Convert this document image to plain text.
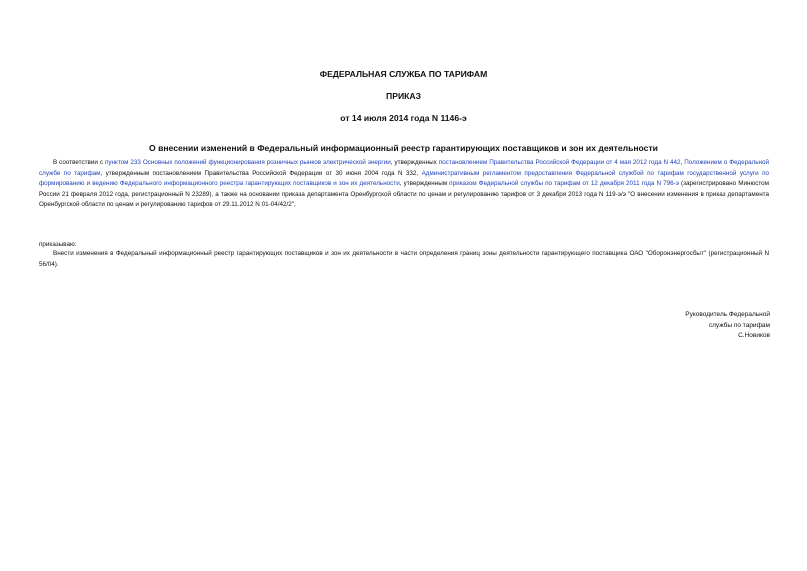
ФЕДЕРАЛЬНАЯ СЛУЖБА ПО ТАРИФАМ
ПРИКАЗ
от 14 июля 2014 года N 1146-э
О внесении изменений в Федеральный информационный реестр гарантирующих поставщиков и зон их деятельности
В соответствии с пунктом 233 Основных положений функционирования розничных рынков электрической энергии, утвержденных постановлением Правительства Российской Федерации от 4 мая 2012 года N 442, Положением о Федеральной службе по тарифам, утвержденным постановлением Правительства Российской Федерации от 30 июня 2004 года N 332, Административным регламентом предоставления Федеральной службой по тарифам государственной услуги по формированию и ведению Федерального информационного реестра гарантирующих поставщиков и зон их деятельности, утвержденным приказом Федеральной службы по тарифам от 12 декабря 2011 года N 796-э (зарегистрировано Минюстом России 21 февраля 2012 года, регистрационный N 23289), а также на основании приказа департамента Оренбургской области по ценам и регулированию тарифов от 3 декабря 2013 года N 119-э/э "О внесении изменения в приказ департамента Оренбургской области по ценам и регулированию тарифов от 29.11.2012 N 01-04/42/2",
приказываю:
Внести изменения в Федеральный информационный реестр гарантирующих поставщиков и зон их деятельности в части определения границ зоны деятельности гарантирующего поставщика ОАО "Оборонэнергосбыт" (регистрационный N 56/04).
Руководитель Федеральной
службы по тарифам
С.Новиков
